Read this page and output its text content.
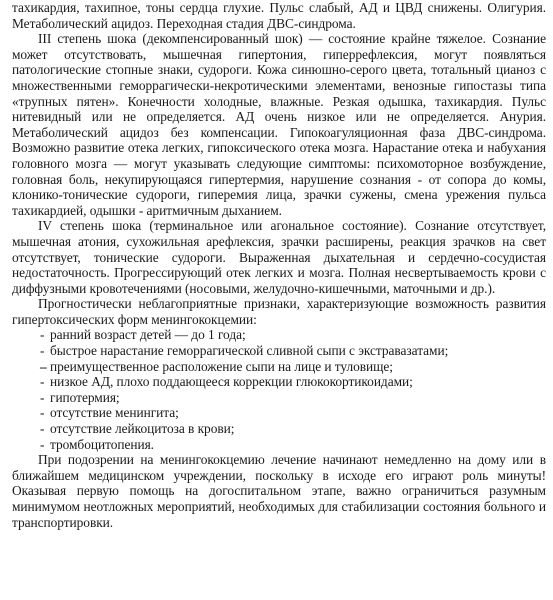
тахикардия, тахипное, тоны сердца глухие. Пульс слабый, АД и ЦВД снижены. Олигурия. Метаболический ацидоз. Переходная стадия ДВС-синдрома.

III степень шока (декомпенсированный шок) — состояние крайне тяжелое. Сознание может отсутствовать, мышечная гипертония, гиперрефлексия, могут появляться патологические стопные знаки, судороги. Кожа синюшно-серого цвета, тотальный цианоз с множественными геморрагически-некротическими элементами, венозные гипостазы типа «трупных пятен». Конечности холодные, влажные. Резкая одышка, тахикардия. Пульс нитевидный или не определяется. АД очень низкое или не определяется. Анурия. Метаболический ацидоз без компенсации. Гипокоагуляционная фаза ДВС-синдрома. Возможно развитие отека легких, гипоксического отека мозга. Нарастание отека и набухания головного мозга — могут указывать следующие симптомы: психомоторное возбуждение, головная боль, некупирующаяся гипертермия, нарушение сознания - от сопора до комы, клонико-тонические судороги, гиперемия лица, зрачки сужены, смена урежения пульса тахикардией, одышки - аритмичным дыханием.

IV степень шока (терминальное или агональное состояние). Сознание отсутствует, мышечная атония, сухожильная арефлексия, зрачки расширены, реакция зрачков на свет отсутствует, тонические судороги. Выраженная дыхательная и сердечно-сосудистая недостаточность. Прогрессирующий отек легких и мозга. Полная несвертываемость крови с диффузными кровотечениями (носовыми, желудочно-кишечными, маточными и др.).

Прогностически неблагоприятные признаки, характеризующие возможность развития гипертоксических форм менингококцемии:

- ранний возраст детей — до 1 года;
- быстрое нарастание геморрагической сливной сыпи с экстравазатами;
– преимущественное расположение сыпи на лице и туловище;
- низкое АД, плохо поддающееся коррекции глюкокортикоидами;
- гипотермия;
- отсутствие менингита;
- отсутствие лейкоцитоза в крови;
- тромбоцитопения.

При подозрении на менингококцемию лечение начинают немедленно на дому или в ближайшем медицинском учреждении, поскольку в исходе его играют роль минуты! Оказывая первую помощь на догоспитальном этапе, важно ограничиться разумным минимумом неотложных мероприятий, необходимых для стабилизации состояния больного и транспортировки.
